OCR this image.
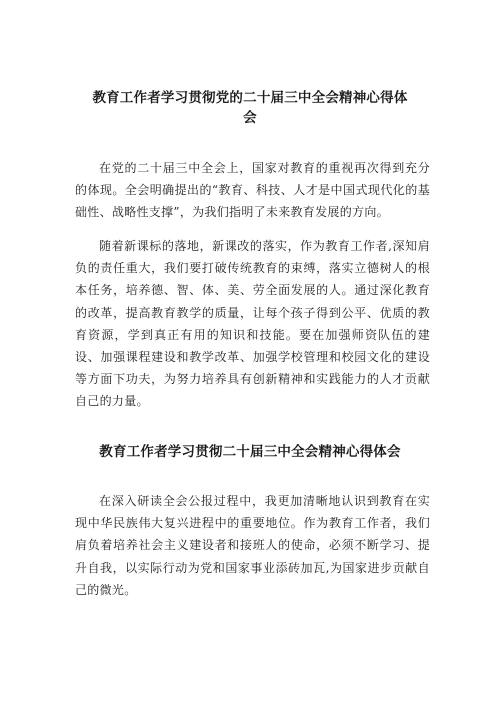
教育工作者学习贯彻党的二十届三中全会精神心得体
会

在党的二十届三中全会上，国家对教育的重视再次得到充分的体现。全会明确提出的“教育、科技、人才是中国式现代化的基础性、战略性支撑”，为我们指明了未来教育发展的方向。

随着新课标的落地，新课改的落实，作为教育工作者,深知肩负的责任重大，我们要打破传统教育的束缚，落实立德树人的根本任务，培养德、智、体、美、劳全面发展的人。通过深化教育的改革，提高教育教学的质量，让每个孩子得到公平、优质的教育资源，学到真正有用的知识和技能。要在加强师资队伍的建设、加强课程建设和教学改革、加强学校管理和校园文化的建设等方面下功夫，为努力培养具有创新精神和实践能力的人才贡献自己的力量。

教育工作者学习贯彻二十届三中全会精神心得体会

在深入研读全会公报过程中，我更加清晰地认识到教育在实现中华民族伟大复兴进程中的重要地位。作为教育工作者，我们肩负着培养社会主义建设者和接班人的使命，必须不断学习、提升自我，以实际行动为党和国家事业添砖加瓦,为国家进步贡献自己的微光。
